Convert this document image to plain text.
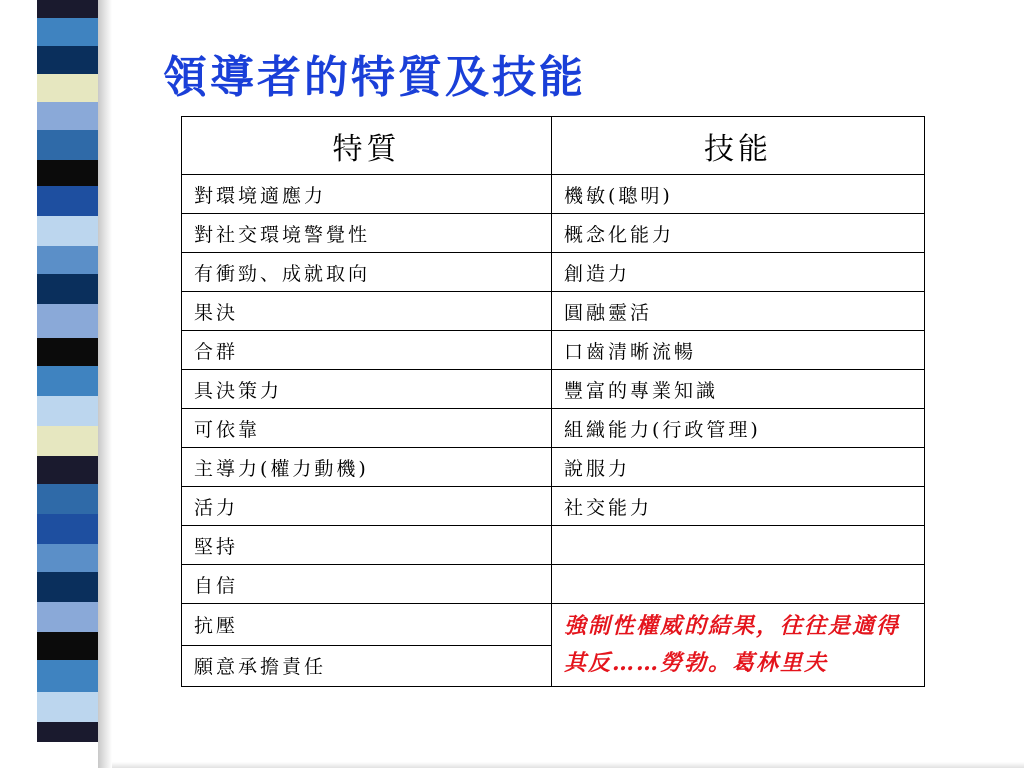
領導者的特質及技能
特質	技能
對環境適應力	機敏(聰明)
對社交環境警覺性	概念化能力
有衝勁、成就取向	創造力
果決	圓融靈活
合群	口齒清晰流暢
具決策力	豐富的專業知識
可依靠	組織能力(行政管理)
主導力(權力動機)	說服力
活力	社交能力
堅持	
自信	
抗壓	強制性權威的結果，往往是適得其反……勞勃。葛林里夫
願意承擔責任	
